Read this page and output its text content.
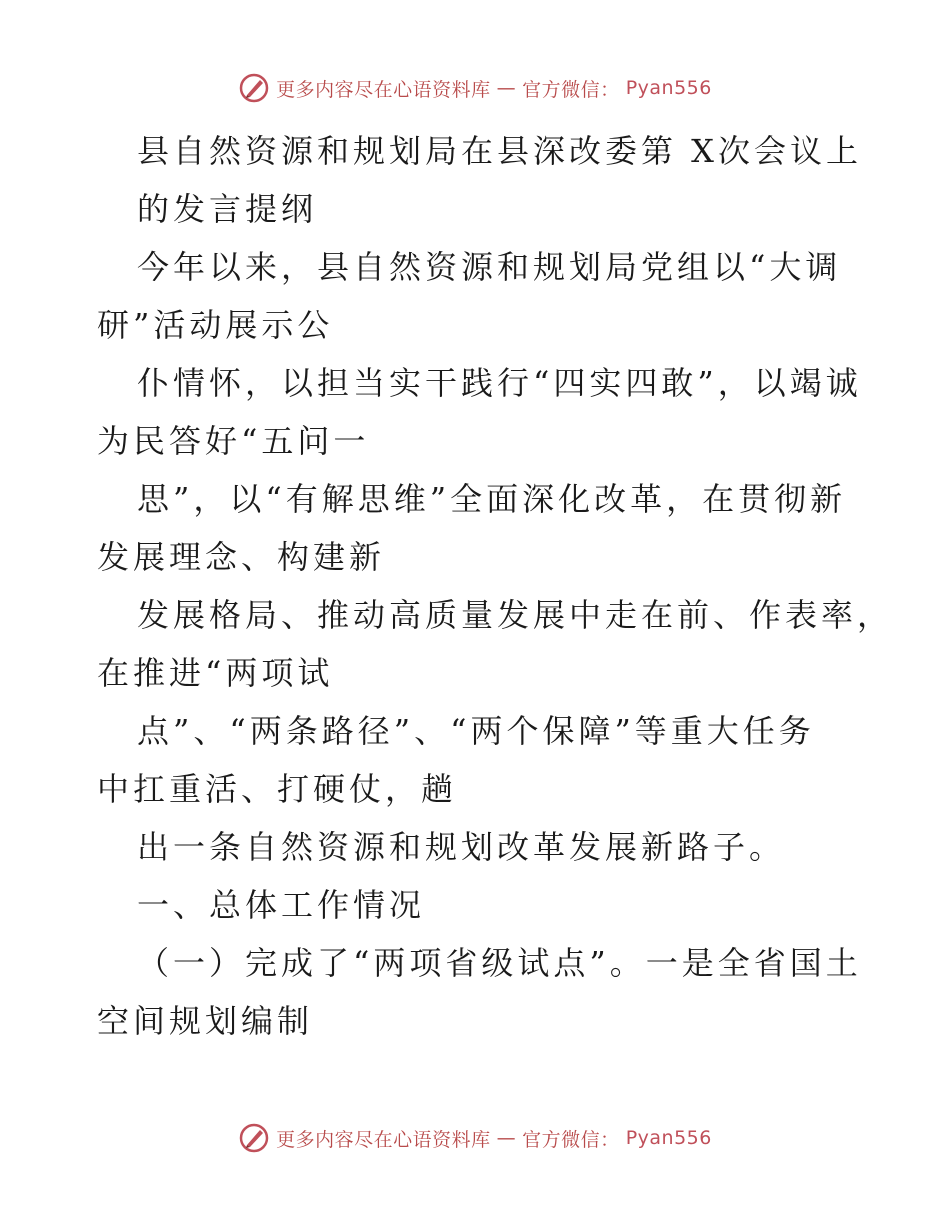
更多内容尽在心语资料库 — 官方微信： Pyan556

县自然资源和规划局在县深改委第 X次会议上

的发言提纲

今年以来，县自然资源和规划局党组以“大调

研”活动展示公

仆情怀，以担当实干践行“四实四敢”，以竭诚

为民答好“五问一

思”，以“有解思维”全面深化改革，在贯彻新

发展理念、构建新

发展格局、推动高质量发展中走在前、作表率，

在推进“两项试

点”、“两条路径”、“两个保障”等重大任务

中扛重活、打硬仗，趟

出一条自然资源和规划改革发展新路子。

一、总体工作情况

（一）完成了“两项省级试点”。一是全省国土

空间规划编制

更多内容尽在心语资料库 — 官方微信： Pyan556
